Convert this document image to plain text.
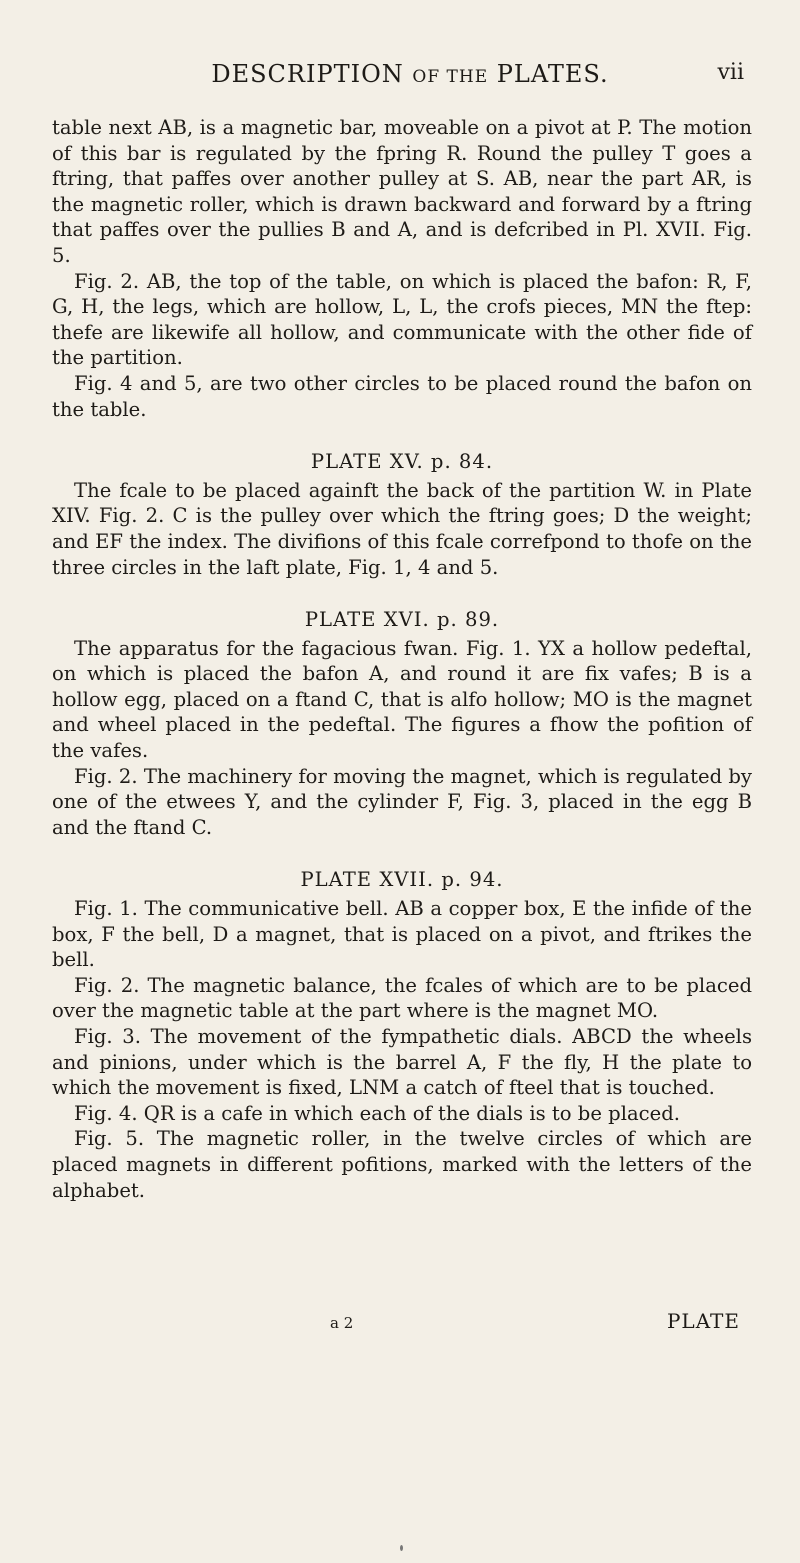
DESCRIPTION OF THE PLATES.	vii

table next AB, is a magnetic bar, moveable on a pivot at P. The motion of this bar is regulated by the fpring R. Round the pulley T goes a ftring, that paffes over another pulley at S. AB, near the part AR, is the magnetic roller, which is drawn backward and forward by a ftring that paffes over the pullies B and A, and is defcribed in Pl. XVII. Fig. 5.

Fig. 2. AB, the top of the table, on which is placed the bafon: R, F, G, H, the legs, which are hollow, L, L, the crofs pieces, MN the ftep: thefe are likewife all hollow, and communicate with the other fide of the partition.

Fig. 4 and 5, are two other circles to be placed round the bafon on the table.

PLATE XV. p. 84.

The fcale to be placed againft the back of the partition W. in Plate XIV. Fig. 2. C is the pulley over which the ftring goes; D the weight; and EF the index. The divifions of this fcale correfpond to thofe on the three circles in the laft plate, Fig. 1, 4 and 5.

PLATE XVI. p. 89.

The apparatus for the fagacious fwan. Fig. 1. YX a hollow pedeftal, on which is placed the bafon A, and round it are fix vafes; B is a hollow egg, placed on a ftand C, that is alfo hollow; MO is the magnet and wheel placed in the pedeftal. The figures a fhow the pofition of the vafes.

Fig. 2. The machinery for moving the magnet, which is regulated by one of the etwees Y, and the cylinder F, Fig. 3, placed in the egg B and the ftand C.

PLATE XVII. p. 94.

Fig. 1. The communicative bell. AB a copper box, E the infide of the box, F the bell, D a magnet, that is placed on a pivot, and ftrikes the bell.

Fig. 2. The magnetic balance, the fcales of which are to be placed over the magnetic table at the part where is the magnet MO.

Fig. 3. The movement of the fympathetic dials. ABCD the wheels and pinions, under which is the barrel A, F the fly, H the plate to which the movement is fixed, LNM a catch of fteel that is touched.

Fig. 4. QR is a cafe in which each of the dials is to be placed.

Fig. 5. The magnetic roller, in the twelve circles of which are placed magnets in different pofitions, marked with the letters of the alphabet.

a 2	PLATE
